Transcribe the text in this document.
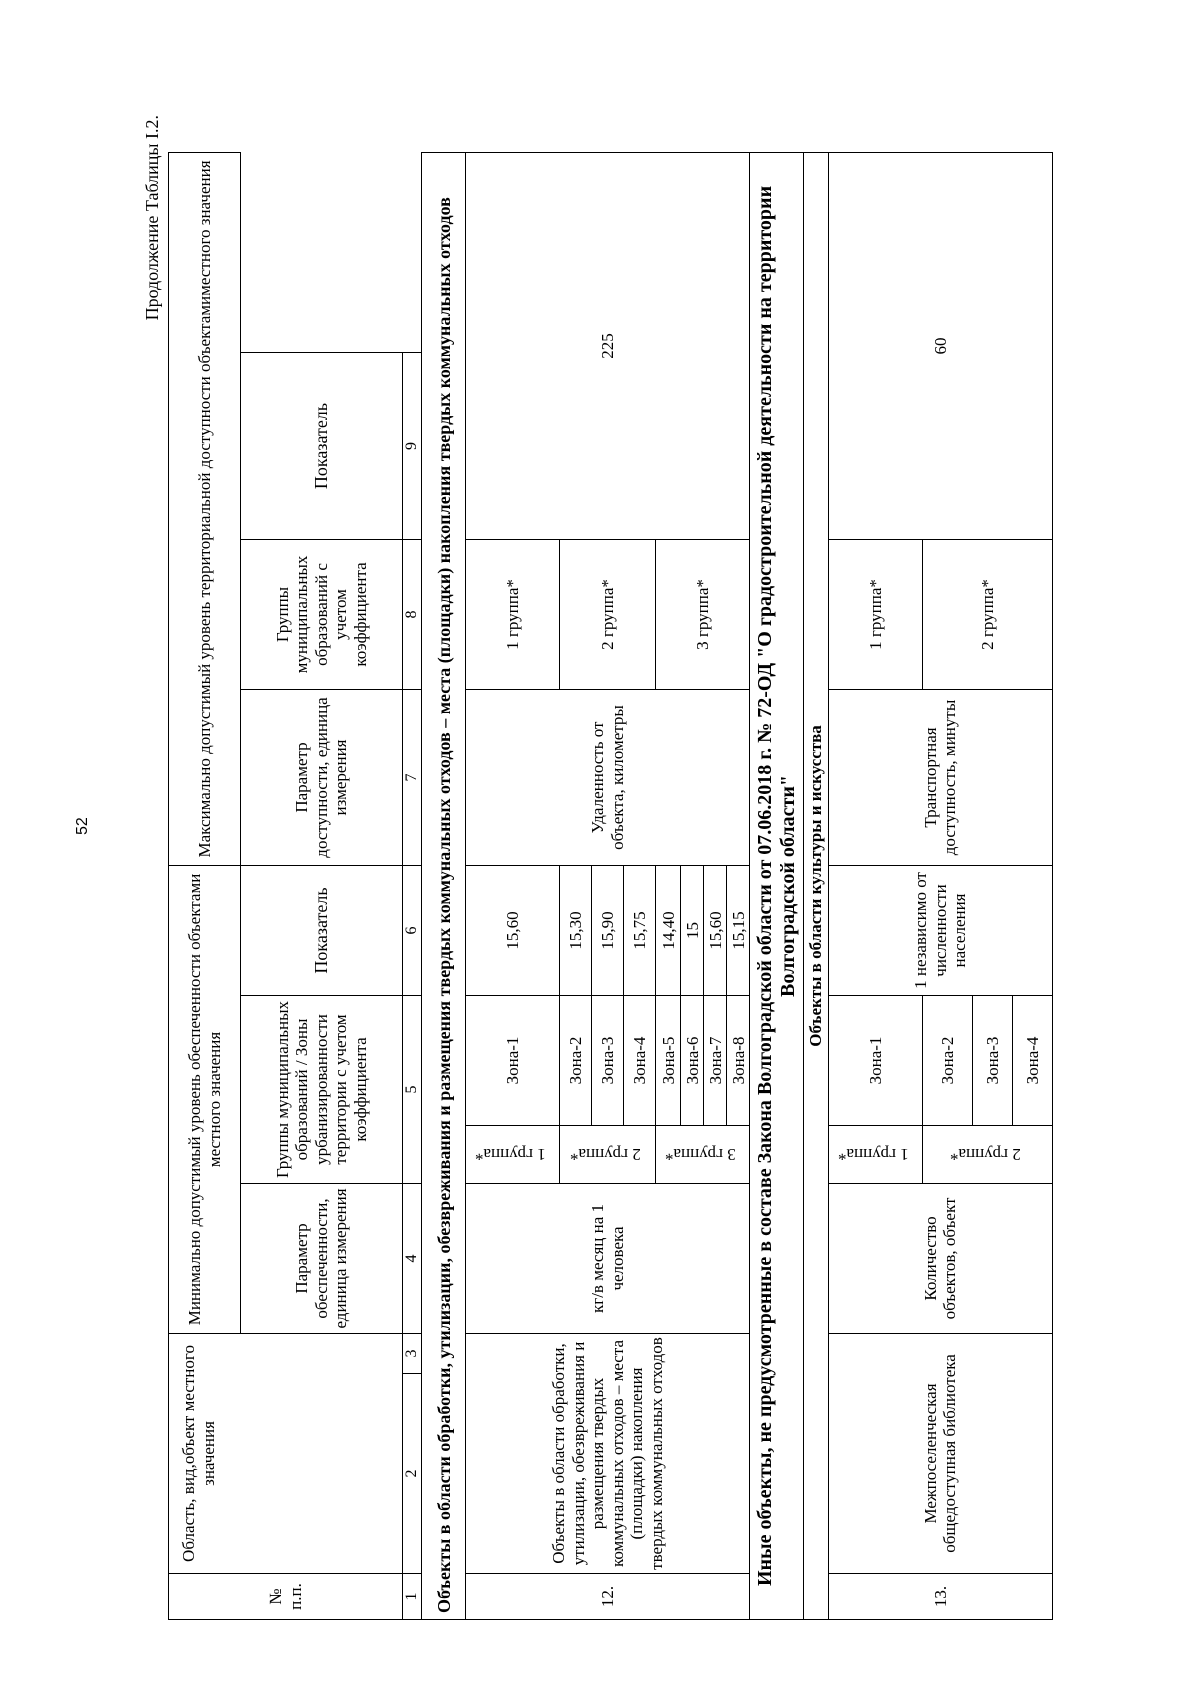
52
Продолжение Таблицы I.2.
№ п.п.	Область, вид,объект местного значения		Минимально допустимый уровень обеспеченности объектами местного значения				Максимально допустимый уровень территориальной доступности объектамиместного значения		
			Параметр обеспеченности, единица измерения	Группы муниципальных образований / Зоны урбанизированности территории с учетом коэффициента		Показатель	Параметр доступности, единица измерения	Группы муниципальных образований с учетом коэффициента	Показатель
1	2	3	4	5		6	7	8	9
Объекты в области обработки, утилизации, обезвреживания и размещения твердых коммунальных отходов – места (площадки) накопления твердых коммунальных отходов									
12.	Объекты в области обработки, утилизации, обезвреживания и размещения твердых коммунальных отходов – места (площадки) накопления твердых коммунальных отходов		кг/в месяц на 1 человека	1 группа*	Зона-1	15,60	Удаленность от объекта, километры	1 группа*	225
				2 группа*	Зона-2	15,30		2 группа*	
					Зона-3	15,90			
					Зона-4	15,75			
				3 группа*	Зона-5	14,40		3 группа*	
					Зона-6	15			
					Зона-7	15,60			
					Зона-8	15,15			
Иные объекты, не предусмотренные в составе Закона Волгоградской области от 07.06.2018 г. № 72-ОД "О градостроительной деятельности на территории Волгоградской области"									
Объекты в области культуры и искусства									
13.	Межпоселенческая общедоступная библиотека		Количество объектов, объект	1 группа*	Зона-1	1 независимо от численности населения	Транспортная доступность, минуты	1 группа*	60
				2 группа*	Зона-2			2 группа*	
					Зона-3				
					Зона-4				
